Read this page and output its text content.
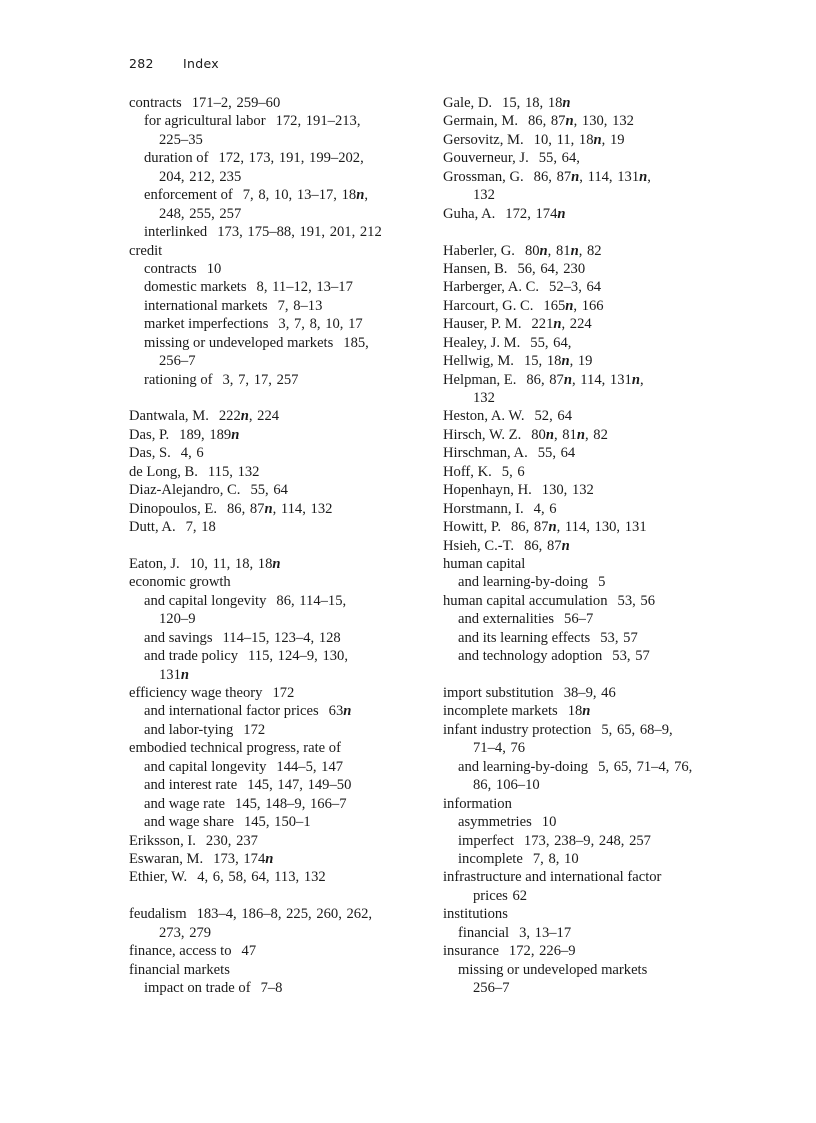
282 Index
contracts 171–2, 259–60
for agricultural labor 172, 191–213,
225–35
duration of 172, 173, 191, 199–202,
204, 212, 235
enforcement of 7, 8, 10, 13–17, 18n,
248, 255, 257
interlinked 173, 175–88, 191, 201, 212
credit
contracts 10
domestic markets 8, 11–12, 13–17
international markets 7, 8–13
market imperfections 3, 7, 8, 10, 17
missing or undeveloped markets 185,
256–7
rationing of 3, 7, 17, 257
Dantwala, M. 222n, 224
Das, P. 189, 189n
Das, S. 4, 6
de Long, B. 115, 132
Diaz-Alejandro, C. 55, 64
Dinopoulos, E. 86, 87n, 114, 132
Dutt, A. 7, 18
Eaton, J. 10, 11, 18, 18n
economic growth
and capital longevity 86, 114–15,
120–9
and savings 114–15, 123–4, 128
and trade policy 115, 124–9, 130,
131n
efficiency wage theory 172
and international factor prices 63n
and labor-tying 172
embodied technical progress, rate of
and capital longevity 144–5, 147
and interest rate 145, 147, 149–50
and wage rate 145, 148–9, 166–7
and wage share 145, 150–1
Eriksson, I. 230, 237
Eswaran, M. 173, 174n
Ethier, W. 4, 6, 58, 64, 113, 132
feudalism 183–4, 186–8, 225, 260, 262,
273, 279
finance, access to 47
financial markets
impact on trade of 7–8
Gale, D. 15, 18, 18n
Germain, M. 86, 87n, 130, 132
Gersovitz, M. 10, 11, 18n, 19
Gouverneur, J. 55, 64,
Grossman, G. 86, 87n, 114, 131n,
132
Guha, A. 172, 174n
Haberler, G. 80n, 81n, 82
Hansen, B. 56, 64, 230
Harberger, A. C. 52–3, 64
Harcourt, G. C. 165n, 166
Hauser, P. M. 221n, 224
Healey, J. M. 55, 64,
Hellwig, M. 15, 18n, 19
Helpman, E. 86, 87n, 114, 131n,
132
Heston, A. W. 52, 64
Hirsch, W. Z. 80n, 81n, 82
Hirschman, A. 55, 64
Hoff, K. 5, 6
Hopenhayn, H. 130, 132
Horstmann, I. 4, 6
Howitt, P. 86, 87n, 114, 130, 131
Hsieh, C.-T. 86, 87n
human capital
and learning-by-doing 5
human capital accumulation 53, 56
and externalities 56–7
and its learning effects 53, 57
and technology adoption 53, 57
import substitution 38–9, 46
incomplete markets 18n
infant industry protection 5, 65, 68–9,
71–4, 76
and learning-by-doing 5, 65, 71–4, 76,
86, 106–10
information
asymmetries 10
imperfect 173, 238–9, 248, 257
incomplete 7, 8, 10
infrastructure and international factor
prices 62
institutions
financial 3, 13–17
insurance 172, 226–9
missing or undeveloped markets
256–7
